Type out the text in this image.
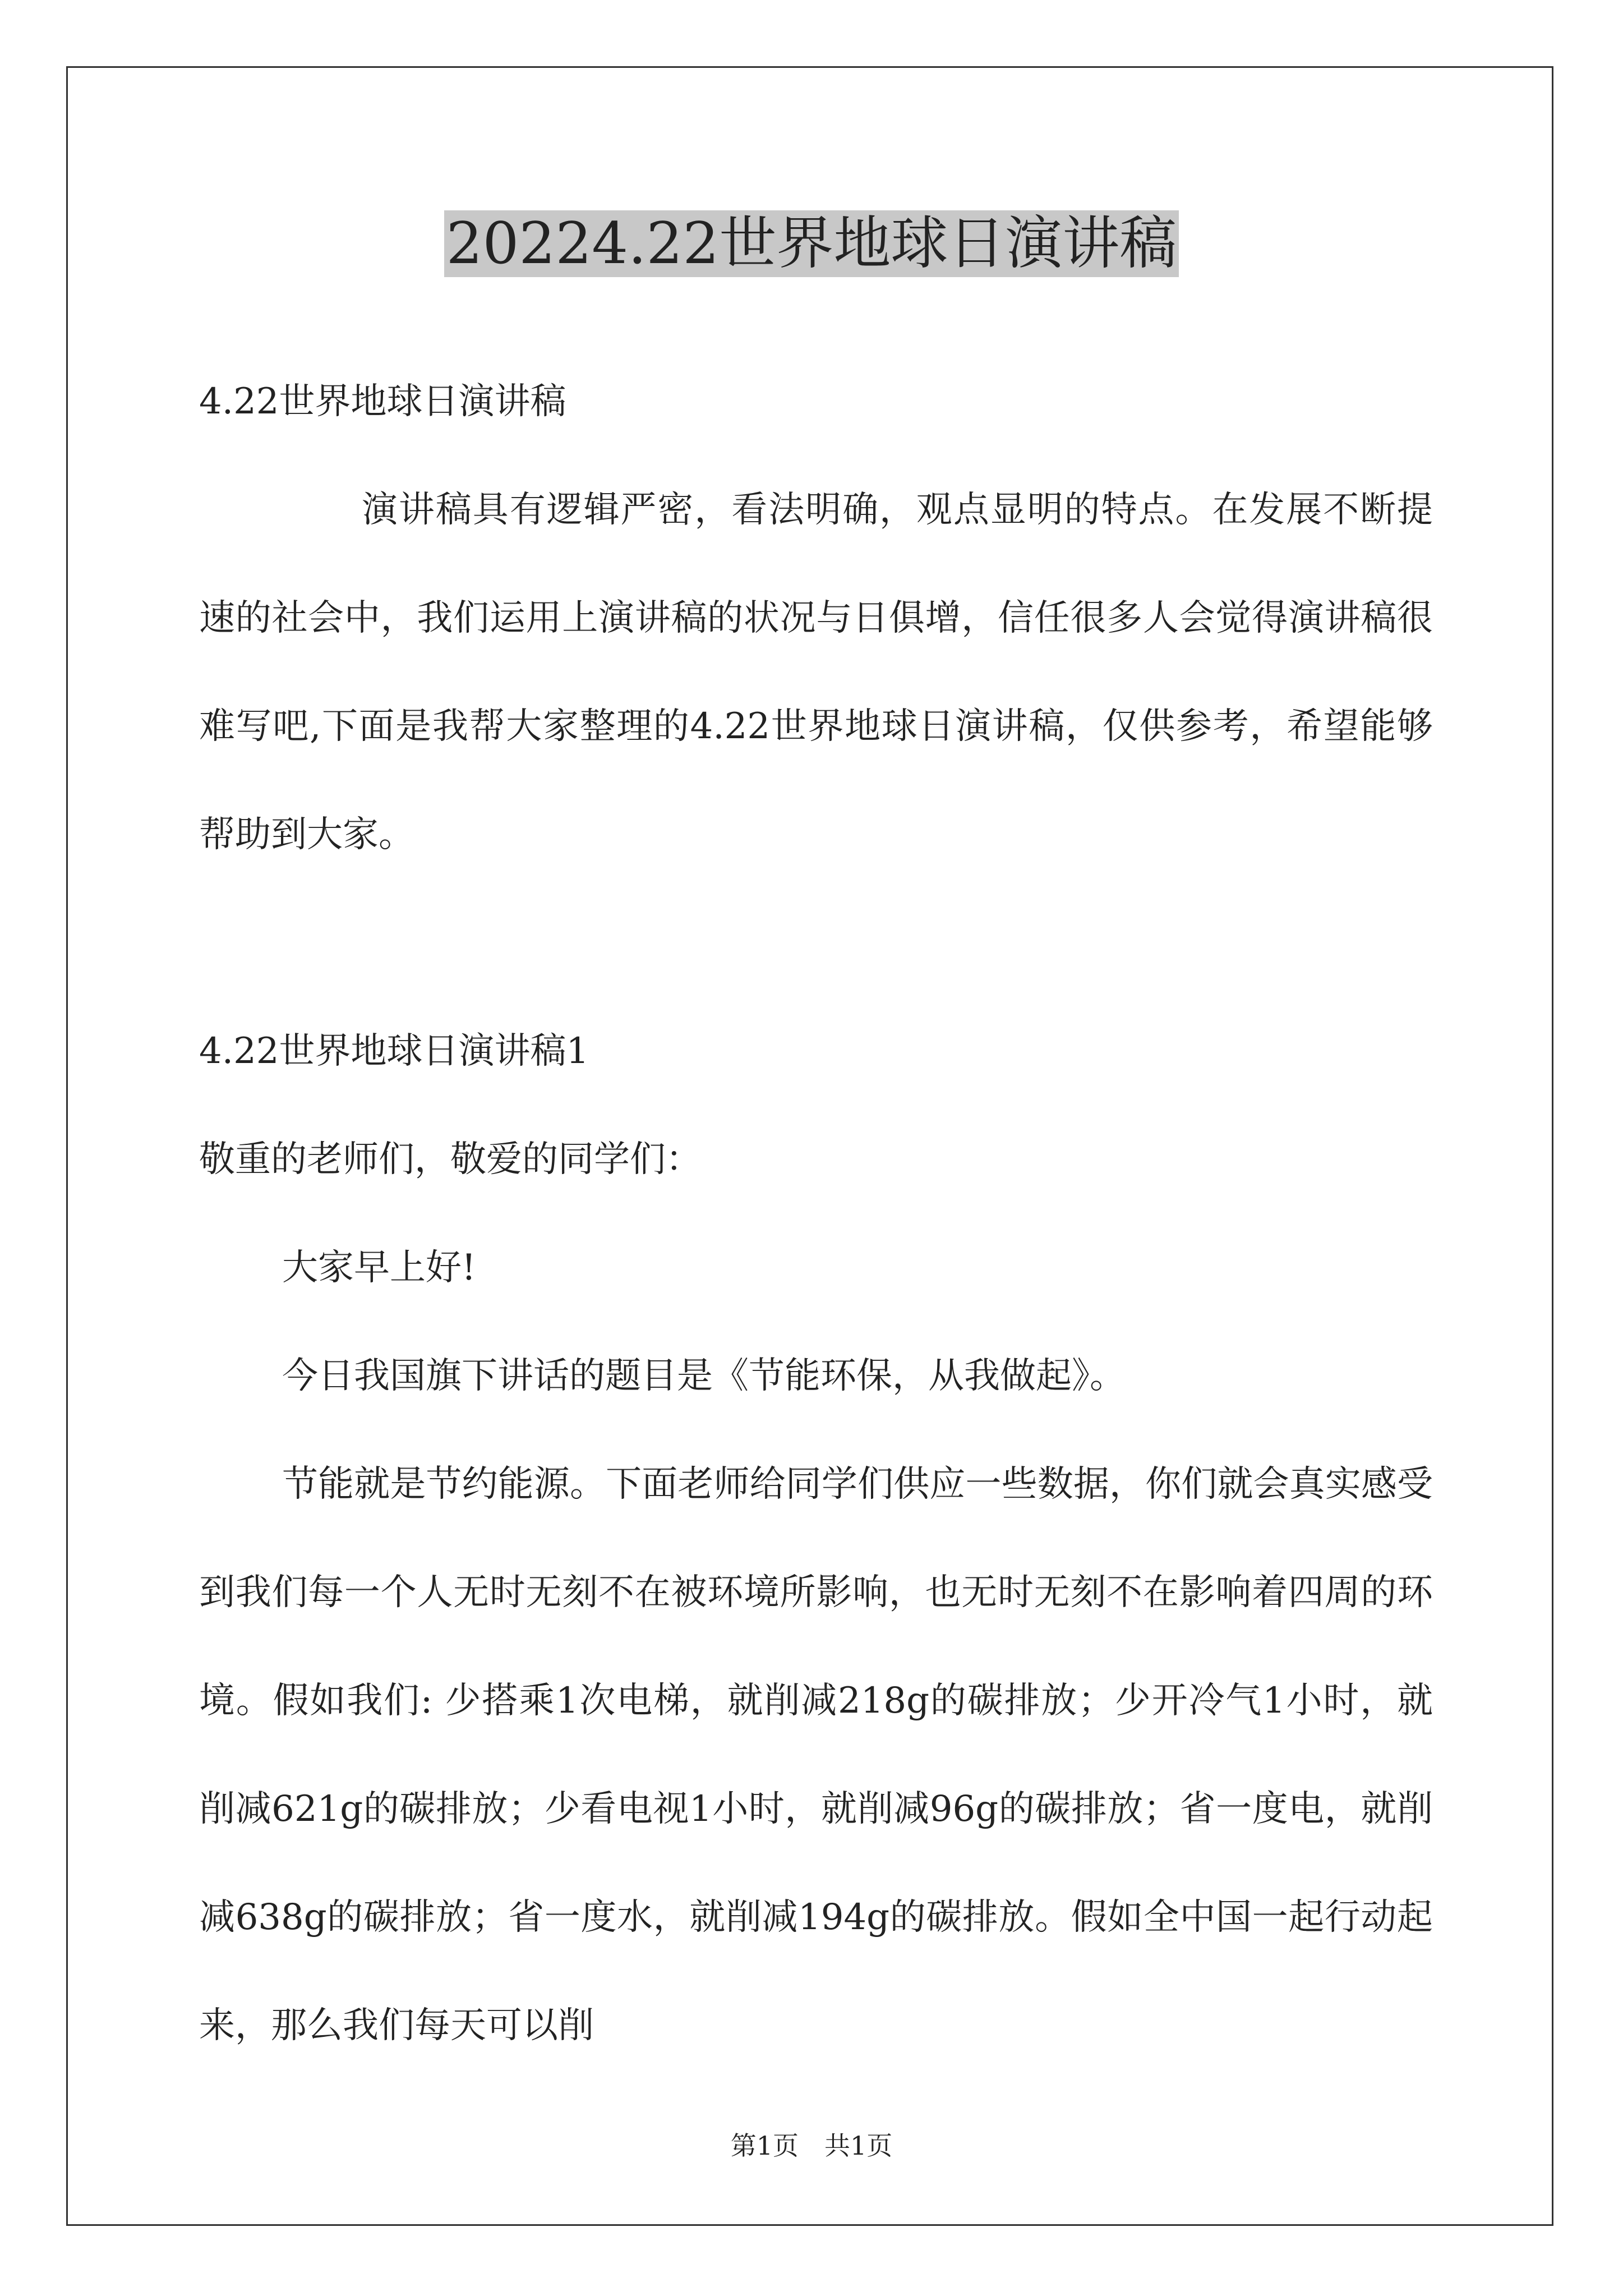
20224.22世界地球日演讲稿

4.22世界地球日演讲稿

演讲稿具有逻辑严密，看法明确，观点显明的特点。在发展不断提速的社会中，我们运用上演讲稿的状况与日俱增，信任很多人会觉得演讲稿很难写吧,下面是我帮大家整理的4.22世界地球日演讲稿，仅供参考，希望能够帮助到大家。

4.22世界地球日演讲稿1

敬重的老师们，敬爱的同学们：

大家早上好!

今日我国旗下讲话的题目是《节能环保，从我做起》。

节能就是节约能源。下面老师给同学们供应一些数据，你们就会真实感受到我们每一个人无时无刻不在被环境所影响，也无时无刻不在影响着四周的环境。假如我们: 少搭乘1次电梯，就削减218g的碳排放；少开冷气1小时，就削减621g的碳排放；少看电视1小时，就削减96g的碳排放；省一度电，就削减638g的碳排放；省一度水，就削减194g的碳排放。假如全中国一起行动起来，那么我们每天可以削

第1页　共1页
